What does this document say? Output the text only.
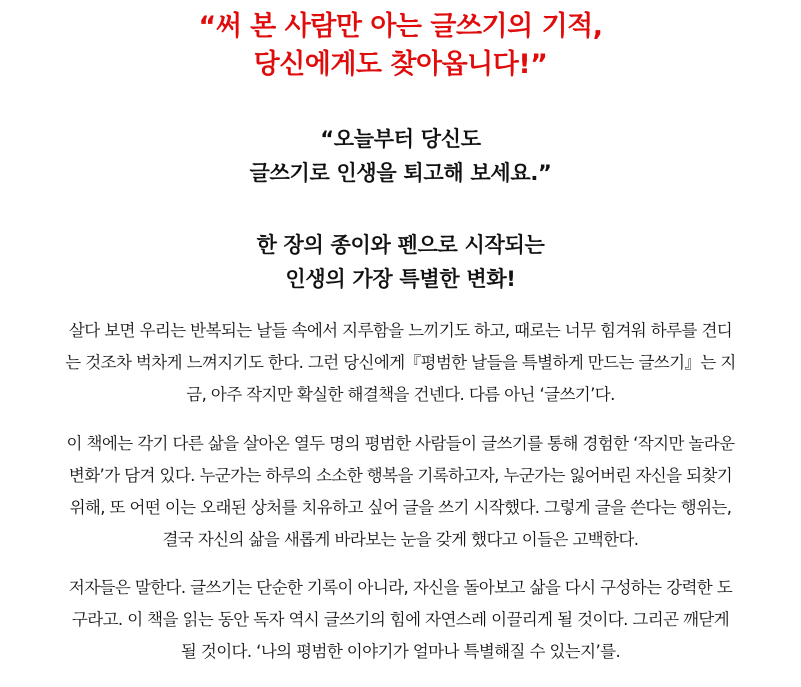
“써 본 사람만 아는 글쓰기의 기적,
당신에게도 찾아옵니다!”
“오늘부터 당신도
글쓰기로 인생을 퇴고해 보세요.”
한 장의 종이와 펜으로 시작되는
인생의 가장 특별한 변화!
살다 보면 우리는 반복되는 날들 속에서 지루함을 느끼기도 하고, 때로는 너무 힘겨워 하루를 견디
는 것조차 벅차게 느껴지기도 한다. 그런 당신에게『평범한 날들을 특별하게 만드는 글쓰기』는 지
금, 아주 작지만 확실한 해결책을 건넨다. 다름 아닌 ‘글쓰기’다.
이 책에는 각기 다른 삶을 살아온 열두 명의 평범한 사람들이 글쓰기를 통해 경험한 ‘작지만 놀라운
변화’가 담겨 있다. 누군가는 하루의 소소한 행복을 기록하고자, 누군가는 잃어버린 자신을 되찾기
위해, 또 어떤 이는 오래된 상처를 치유하고 싶어 글을 쓰기 시작했다. 그렇게 글을 쓴다는 행위는,
결국 자신의 삶을 새롭게 바라보는 눈을 갖게 했다고 이들은 고백한다.
저자들은 말한다. 글쓰기는 단순한 기록이 아니라, 자신을 돌아보고 삶을 다시 구성하는 강력한 도
구라고. 이 책을 읽는 동안 독자 역시 글쓰기의 힘에 자연스레 이끌리게 될 것이다. 그리곤 깨닫게
될 것이다. ‘나의 평범한 이야기가 얼마나 특별해질 수 있는지’를.
